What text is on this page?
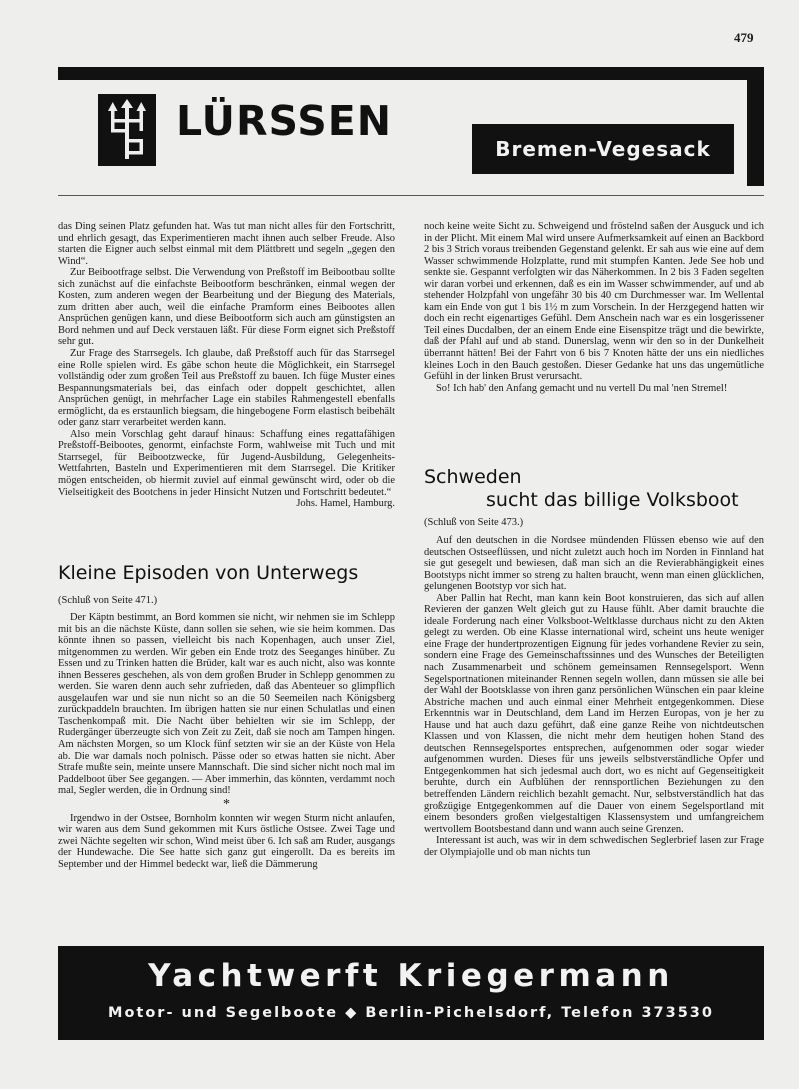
479
LÜRSSEN
Bremen-Vegesack

das Ding seinen Platz gefunden hat. Was tut man nicht alles für den Fortschritt, und ehrlich gesagt, das Experimentieren macht ihnen auch selber Freude. Also starten die Eigner auch selbst einmal mit dem Plättbrett und segeln „gegen den Wind“.

Zur Beibootfrage selbst. Die Verwendung von Preßstoff im Beibootbau sollte sich zunächst auf die einfachste Beibootform beschränken, einmal wegen der Kosten, zum anderen wegen der Bearbeitung und der Biegung des Materials, zum dritten aber auch, weil die einfache Pramform eines Beibootes allen Ansprüchen genügen kann, und diese Beibootform sich auch am günstigsten an Bord nehmen und auf Deck verstauen läßt. Für diese Form eignet sich Preßstoff sehr gut.

Zur Frage des Starrsegels. Ich glaube, daß Preßstoff auch für das Starrsegel eine Rolle spielen wird. Es gäbe schon heute die Möglichkeit, ein Starrsegel vollständig oder zum großen Teil aus Preßstoff zu bauen. Ich füge Muster eines Bespannungsmaterials bei, das einfach oder doppelt geschichtet, allen Ansprüchen genügt, in mehrfacher Lage ein stabiles Rahmengestell ebenfalls ermöglicht, da es erstaunlich biegsam, die hingebogene Form elastisch beibehält oder ganz starr verarbeitet werden kann.

Also mein Vorschlag geht darauf hinaus: Schaffung eines regattafähigen Preßstoff-Beibootes, genormt, einfachste Form, wahlweise mit Tuch und mit Starrsegel, für Beibootzwecke, für Jugend-Ausbildung, Gelegenheits-Wettfahrten, Basteln und Experimentieren mit dem Starrsegel. Die Kritiker mögen entscheiden, ob hiermit zuviel auf einmal gewünscht wird, oder ob die Vielseitigkeit des Bootchens in jeder Hinsicht Nutzen und Fortschritt bedeutet.“

Johs. Hamel, Hamburg.

Kleine Episoden von Unterwegs
(Schluß von Seite 471.)

Der Käptn bestimmt, an Bord kommen sie nicht, wir nehmen sie im Schlepp mit bis an die nächste Küste, dann sollen sie sehen, wie sie heim kommen. Das könnte ihnen so passen, vielleicht bis nach Kopenhagen, auch unser Ziel, mitgenommen zu werden. Wir geben ein Ende trotz des Seeganges hinüber. Zu Essen und zu Trinken hatten die Brüder, kalt war es auch nicht, also was konnte ihnen Besseres geschehen, als von dem großen Bruder in Schlepp genommen zu werden. Sie waren denn auch sehr zufrieden, daß das Abenteuer so glimpflich ausgelaufen war und sie nun nicht so an die 50 Seemeilen nach Königsberg zurückpaddeln brauchten. Im übrigen hatten sie nur einen Schulatlas und einen Taschenkompaß mit. Die Nacht über behielten wir sie im Schlepp, der Rudergänger überzeugte sich von Zeit zu Zeit, daß sie noch am Tampen hingen. Am nächsten Morgen, so um Klock fünf setzten wir sie an der Küste von Hela ab. Die war damals noch polnisch. Pässe oder so etwas hatten sie nicht. Aber Strafe mußte sein, meinte unsere Mannschaft. Die sind sicher nicht noch mal im Paddelboot über See gegangen. — Aber immerhin, das könnten, verdammt noch mal, Segler werden, die in Ordnung sind!

*

Irgendwo in der Ostsee, Bornholm konnten wir wegen Sturm nicht anlaufen, wir waren aus dem Sund gekommen mit Kurs östliche Ostsee. Zwei Tage und zwei Nächte segelten wir schon, Wind meist über 6. Ich saß am Ruder, ausgangs der Hundewache. Die See hatte sich ganz gut eingerollt. Da es bereits im September und der Himmel bedeckt war, ließ die Dämmerung

noch keine weite Sicht zu. Schweigend und fröstelnd saßen der Ausguck und ich in der Plicht. Mit einem Mal wird unsere Aufmerksamkeit auf einen an Backbord 2 bis 3 Strich voraus treibenden Gegenstand gelenkt. Er sah aus wie eine auf dem Wasser schwimmende Holzplatte, rund mit stumpfen Kanten. Jede See hob und senkte sie. Gespannt verfolgten wir das Näherkommen. In 2 bis 3 Faden segelten wir daran vorbei und erkennen, daß es ein im Wasser schwimmender, auf und ab stehender Holzpfahl von ungefähr 30 bis 40 cm Durchmesser war. Im Wellental kam ein Ende von gut 1 bis 1½ m zum Vorschein. In der Herzgegend hatten wir doch ein recht eigenartiges Gefühl. Dem Anschein nach war es ein losgerissener Teil eines Ducdalben, der an einem Ende eine Eisenspitze trägt und die bewirkte, daß der Pfahl auf und ab stand. Dunerslag, wenn wir den so in der Dunkelheit überrannt hätten! Bei der Fahrt von 6 bis 7 Knoten hätte der uns ein niedliches kleines Loch in den Bauch gestoßen. Dieser Gedanke hat uns das ungemütliche Gefühl in der linken Brust verursacht.

So! Ich hab' den Anfang gemacht und nu vertell Du mal 'nen Stremel!

Schweden
sucht das billige Volksboot
(Schluß von Seite 473.)

Auf den deutschen in die Nordsee mündenden Flüssen ebenso wie auf den deutschen Ostseeflüssen, und nicht zuletzt auch hoch im Norden in Finnland hat sie gut gesegelt und bewiesen, daß man sich an die Revierabhängigkeit eines Bootstyps nicht immer so streng zu halten braucht, wenn man einen glücklichen, gelungenen Bootstyp vor sich hat.

Aber Pallin hat Recht, man kann kein Boot konstruieren, das sich auf allen Revieren der ganzen Welt gleich gut zu Hause fühlt. Aber damit brauchte die ideale Forderung nach einer Volksboot-Weltklasse durchaus nicht zu den Akten gelegt zu werden. Ob eine Klasse international wird, scheint uns heute weniger eine Frage der hundertprozentigen Eignung für jedes vorhandene Revier zu sein, sondern eine Frage des Gemeinschaftssinnes und des Wunsches der Beteiligten nach Zusammenarbeit und schönem gemeinsamen Rennsegelsport. Wenn Segelsportnationen miteinander Rennen segeln wollen, dann müssen sie alle bei der Wahl der Bootsklasse von ihren ganz persönlichen Wünschen ein paar kleine Abstriche machen und auch einmal einer Mehrheit entgegenkommen. Diese Erkenntnis war in Deutschland, dem Land im Herzen Europas, von je her zu Hause und hat auch dazu geführt, daß eine ganze Reihe von nichtdeutschen Klassen und von Klassen, die nicht mehr dem heutigen hohen Stand des deutschen Rennsegelsportes entsprechen, aufgenommen oder sogar wieder aufgenommen wurden. Dieses für uns jeweils selbstverständliche Opfer und Entgegenkommen hat sich jedesmal auch dort, wo es nicht auf Gegenseitigkeit beruhte, durch ein Aufblühen der rennsportlichen Beziehungen zu den betreffenden Ländern reichlich bezahlt gemacht. Nur, selbstverständlich hat das großzügige Entgegenkommen auf die Dauer von einem Segelsportland mit einem besonders großen vielgestaltigen Klassensystem und umfangreichem wertvollem Bootsbestand dann und wann auch seine Grenzen.

Interessant ist auch, was wir in dem schwedischen Seglerbrief lasen zur Frage der Olympiajolle und ob man nichts tun

Yachtwerft Kriegermann
Motor- und Segelboote ◆ Berlin-Pichelsdorf, Telefon 373530
